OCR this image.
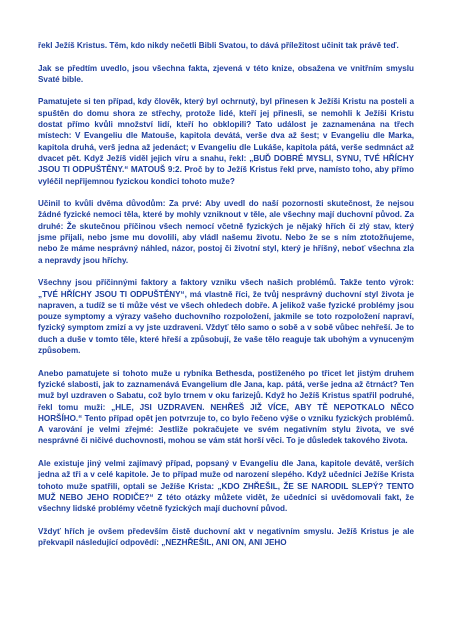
řekl Ježíš Kristus. Těm, kdo nikdy nečetli Bibli Svatou, to dává příležitost učinit tak právě teď.

Jak se předtím uvedlo, jsou všechna fakta, zjevená v této knize, obsažena ve vnitřním smyslu Svaté bible.

Pamatujete si ten případ, kdy člověk, který byl ochrnutý, byl přinesen k Ježíši Kristu na posteli a spuštěn do domu shora ze střechy, protože lidé, kteří jej přinesli, se nemohli k Ježíši Kristu dostat přímo kvůli množství lidí, kteří ho obklopili? Tato událost je zaznamenána na třech místech: V Evangeliu dle Matouše, kapitola devátá, verše dva až šest; v Evangeliu dle Marka, kapitola druhá, verš jedna až jedenáct; v Evangeliu dle Lukáše, kapitola pátá, verše sedmnáct až dvacet pět. Když Ježíš viděl jejich víru a snahu, řekl: „BUĎ DOBRÉ MYSLI, SYNU, TVÉ HŘÍCHY JSOU TI ODPUŠTĚNY.“ MATOUŠ 9:2. Proč by to Ježíš Kristus řekl prve, namísto toho, aby přímo vyléčil nepřijemnou fyzickou kondici tohoto muže?

Učinil to kvůli dvěma důvodům: Za prvé: Aby uvedl do naší pozornosti skutečnost, že nejsou žádné fyzické nemoci těla, které by mohly vzniknout v těle, ale všechny mají duchovní původ. Za druhé: Že skutečnou příčinou všech nemocí včetně fyzických je nějaký hřích či zlý stav, který jsme přijali, nebo jsme mu dovolili, aby vládl našemu životu. Nebo že se s ním ztotožňujeme, nebo že máme nesprávný náhled, názor, postoj či životní styl, který je hříšný, neboť všechna zla a nepravdy jsou hříchy.

Všechny jsou příčinnými faktory a faktory vzniku všech našich problémů. Takže tento výrok: „TVÉ HŘÍCHY JSOU TI ODPUŠTĚNY“, má vlastně říci, že tvůj nesprávný duchovní styl života je napraven, a tudíž se ti může vést ve všech ohledech dobře. A jelikož vaše fyzické problémy jsou pouze symptomy a výrazy vašeho duchovního rozpoložení, jakmile se toto rozpoložení napraví, fyzický symptom zmizí a vy jste uzdraveni. Vždyť tělo samo o sobě a v sobě vůbec nehřeší. Je to duch a duše v tomto těle, které hřeší a způsobují, že vaše tělo reaguje tak ubohým a vynuceným způsobem.

Anebo pamatujete si tohoto muže u rybníka Bethesda, postiženého po třicet let jistým druhem fyzické slabosti, jak to zaznamenává Evangelium dle Jana, kap. pátá, verše jedna až čtrnáct? Ten muž byl uzdraven o Sabatu, což bylo trnem v oku farizejů. Když ho Ježíš Kristus spatřil podruhé, řekl tomu muži: „HLE, JSI UZDRAVEN. NEHŘEŠ JIŽ VÍCE, ABY TĚ NEPOTKALO NĚCO HORŠÍHO.“ Tento případ opět jen potvrzuje to, co bylo řečeno výše o vzniku fyzických problémů. A varování je velmi zřejmé: Jestliže pokračujete ve svém negativním stylu života, ve své nesprávné či ničivé duchovnosti, mohou se vám stát horší věci. To je důsledek takového života.

Ale existuje jiný velmi zajímavý případ, popsaný v Evangeliu dle Jana, kapitole devátě, verších jedna až tři a v celé kapitole. Je to případ muže od narození slepého. Když učedníci Ježíše Krista tohoto muže spatřili, optali se Ježíše Krista: „KDO ZHŘEŠIL, ŽE SE NARODIL SLEPÝ? TENTO MUŽ NEBO JEHO RODIČE?“ Z této otázky můžete vidět, že učedníci si uvědomovali fakt, že všechny lidské problémy včetně fyzických mají duchovní původ.

Vždyť hřích je ovšem především čistě duchovní akt v negativním smyslu. Ježíš Kristus je ale překvapil následující odpovědí: „NEZHŘEŠIL, ANI ON, ANI JEHO
